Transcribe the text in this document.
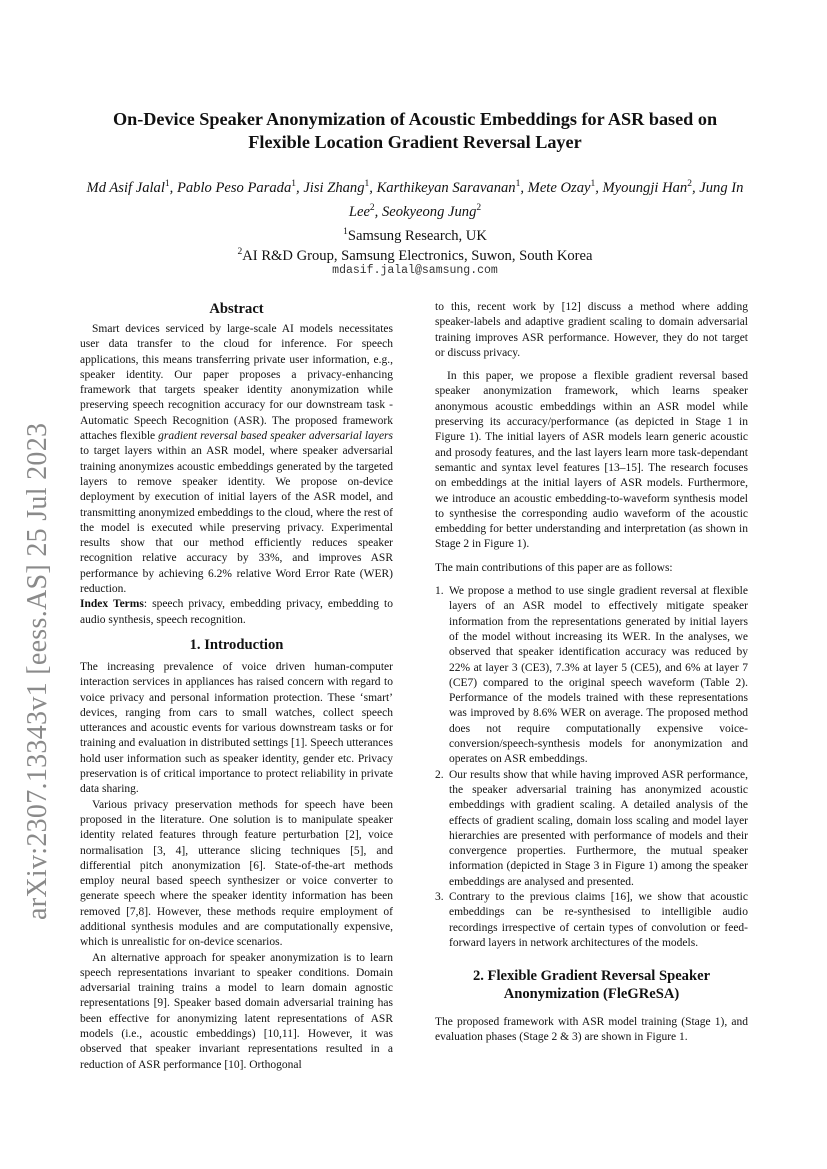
arXiv:2307.13343v1 [eess.AS] 25 Jul 2023
On-Device Speaker Anonymization of Acoustic Embeddings for ASR based on
Flexible Location Gradient Reversal Layer
Md Asif Jalal$^1$, Pablo Peso Parada$^1$, Jisi Zhang$^1$, Karthikeyan Saravanan$^1$, Mete Ozay$^1$, Myoungji Han$^2$, Jung In Lee$^2$, Seokyeong Jung$^2$
$^1$Samsung Research, UK
$^2$AI R&D Group, Samsung Electronics, Suwon, South Korea
mdasif.jalal@samsung.com
Abstract

Smart devices serviced by large-scale AI models necessitates user data transfer to the cloud for inference. For speech applications, this means transferring private user information, e.g., speaker identity. Our paper proposes a privacy-enhancing framework that targets speaker identity anonymization while preserving speech recognition accuracy for our downstream task - Automatic Speech Recognition (ASR). The proposed framework attaches flexible gradient reversal based speaker adversarial layers to target layers within an ASR model, where speaker adversarial training anonymizes acoustic embeddings generated by the targeted layers to remove speaker identity. We propose on-device deployment by execution of initial layers of the ASR model, and transmitting anonymized embeddings to the cloud, where the rest of the model is executed while preserving privacy. Experimental results show that our method efficiently reduces speaker recognition relative accuracy by 33%, and improves ASR performance by achieving 6.2% relative Word Error Rate (WER) reduction.

Index Terms: speech privacy, embedding privacy, embedding to audio synthesis, speech recognition.

1. Introduction

The increasing prevalence of voice driven human-computer interaction services in appliances has raised concern with regard to voice privacy and personal information protection. These ‘smart’ devices, ranging from cars to small watches, collect speech utterances and acoustic events for various downstream tasks or for training and evaluation in distributed settings [1]. Speech utterances hold user information such as speaker identity, gender etc. Privacy preservation is of critical importance to protect reliability in private data sharing.

Various privacy preservation methods for speech have been proposed in the literature. One solution is to manipulate speaker identity related features through feature perturbation [2], voice normalisation [3, 4], utterance slicing techniques [5], and differential pitch anonymization [6]. State-of-the-art methods employ neural based speech synthesizer or voice converter to generate speech where the speaker identity information has been removed [7,8]. However, these methods require employment of additional synthesis modules and are computationally expensive, which is unrealistic for on-device scenarios.

An alternative approach for speaker anonymization is to learn speech representations invariant to speaker conditions. Domain adversarial training trains a model to learn domain agnostic representations [9]. Speaker based domain adversarial training has been effective for anonymizing latent representations of ASR models (i.e., acoustic embeddings) [10,11]. However, it was observed that speaker invariant representations resulted in a reduction of ASR performance [10]. Orthogonal

to this, recent work by [12] discuss a method where adding speaker-labels and adaptive gradient scaling to domain adversarial training improves ASR performance. However, they do not target or discuss privacy.

In this paper, we propose a flexible gradient reversal based speaker anonymization framework, which learns speaker anonymous acoustic embeddings within an ASR model while preserving its accuracy/performance (as depicted in Stage 1 in Figure 1). The initial layers of ASR models learn generic acoustic and prosody features, and the last layers learn more task-dependant semantic and syntax level features [13–15]. The research focuses on embeddings at the initial layers of ASR models. Furthermore, we introduce an acoustic embedding-to-waveform synthesis model to synthesise the corresponding audio waveform of the acoustic embedding for better understanding and interpretation (as shown in Stage 2 in Figure 1).

The main contributions of this paper are as follows:

1. We propose a method to use single gradient reversal at flexible layers of an ASR model to effectively mitigate speaker information from the representations generated by initial layers of the model without increasing its WER. In the analyses, we observed that speaker identification accuracy was reduced by 22% at layer 3 (CE3), 7.3% at layer 5 (CE5), and 6% at layer 7 (CE7) compared to the original speech waveform (Table 2). Performance of the models trained with these representations was improved by 8.6% WER on average. The proposed method does not require computationally expensive voice-conversion/speech-synthesis models for anonymization and operates on ASR embeddings.
2. Our results show that while having improved ASR performance, the speaker adversarial training has anonymized acoustic embeddings with gradient scaling. A detailed analysis of the effects of gradient scaling, domain loss scaling and model layer hierarchies are presented with performance of models and their convergence properties. Furthermore, the mutual speaker information (depicted in Stage 3 in Figure 1) among the speaker embeddings are analysed and presented.
3. Contrary to the previous claims [16], we show that acoustic embeddings can be re-synthesised to intelligible audio recordings irrespective of certain types of convolution or feed-forward layers in network architectures of the models.
2. Flexible Gradient Reversal Speaker
Anonymization (FleGReSA)

The proposed framework with ASR model training (Stage 1), and evaluation phases (Stage 2 & 3) are shown in Figure 1.
